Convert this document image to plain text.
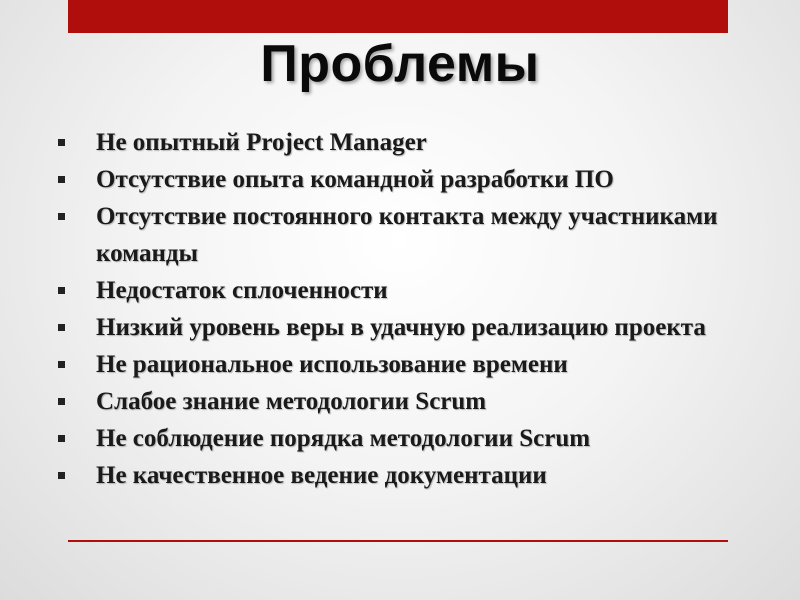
Проблемы
Не опытный Project Manager
Отсутствие опыта командной разработки ПО
Отсутствие постоянного контакта между участниками команды
Недостаток сплоченности
Низкий уровень веры в удачную реализацию проекта
Не рациональное использование времени
Слабое знание методологии Scrum
Не соблюдение порядка методологии Scrum
Не качественное ведение документации
